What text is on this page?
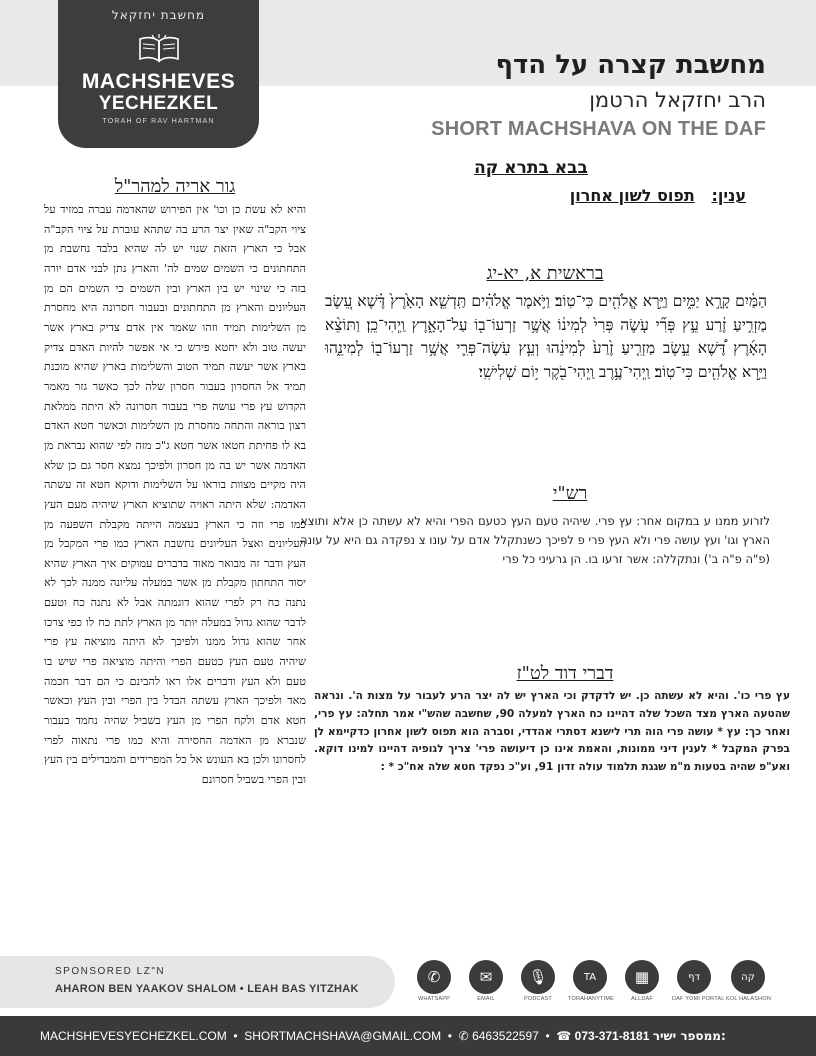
מחשבת יחזקאל
MACHSHEVES
YECHEZKEL
TORAH OF RAV HARTMAN
מחשבת קצרה על הדף
הרב יחזקאל הרטמן
SHORT MACHSHAVA ON THE DAF
בבא בתרא קה
ענין:   תפוס לשון אחרון
בראשית א, יא-יג
הַמַּ֫יִם קָרָ֣א יַמִּ֑ים וַיַּ֥רְא אֱלֹהִ֖ים כִּי־טֽוֹב׃ וַיֹּ֣אמֶר אֱלֹהִ֗ים תַּֽדְשֵׁ֤א הָאָ֙רֶץ֙ דֶּ֗שֶׁא עֵ֚שֶׂב מַזְרִ֣יעַ זֶ֔רַע עֵ֣ץ פְּרִ֞י עֹ֤שֶׂה פְּרִי֙ לְמִינ֔וֹ אֲשֶׁ֥ר זַרְעוֹ־ב֖וֹ עַל־הָאָ֑רֶץ וַֽיְהִי־כֵֽן׃ וַתּוֹצֵ֨א הָאָ֜רֶץ דֶּ֠שֶׁא עֵ֣שֶׂב מַזְרִ֤יעַ זֶ֙רַע֙ לְמִינֵ֔הוּ וְעֵ֧ץ עֹֽשֶׂה־פְּרִ֛י אֲשֶׁ֥ר זַרְעוֹ־ב֖וֹ לְמִינֵ֑הוּ וַיַּ֥רְא אֱלֹהִ֖ים כִּי־טֽוֹב׃ וַֽיְהִי־עֶ֥רֶב וַֽיְהִי־בֹ֖קֶר י֥וֹם שְׁלִישִֽׁי׃
רש"י
לזרוע ממנו ע במקום אחר: עץ פרי. שיהיה טעם העץ כטעם הפרי והיא לא עשתה כן אלא ותוצא הארץ וגו' ועץ עושה פרי ולא העץ פרי פ לפיכך כשנתקלל אדם על עונו צ נפקדה גם היא על עונה (פ"ה פ"ה ב') ונתקללה: אשר זרעו בו. הן גרעיני כל פרי
דברי דוד לט"ז
עץ פרי כו'. והיא לא עשתה כן. יש לדקדק וכי הארץ יש לה יצר הרע לעבור על מצות ה'. ונראה שהטעה הארץ מצד השכל שלה דהיינו כח הארץ למעלה 90, שחשבה שהש"י אמר תחלה: עץ פרי, ואחר כך: עץ * עושה פרי הוה תרי לישנא דסתרי אהדדי, וסברה הוא תפוס לשון אחרון כדקיימא לן בפרק המקבל * לענין דיני ממונות, והאמת אינו כן דיעושה פרי' צריך לגופיה דהיינו למינו דוקא. ואע"פ שהיה בטעות מ"מ שגגת תלמוד עולה זדון 91, וע"כ נפקד חטא שלה אח"כ * :
גור אריה למהר"ל
והיא לא עשת כן וכו' אין הפירוש שהאדמה עברה במזיד על ציוי הקב"ה שאין יצר הרע בה שתהא עוברת על ציוי הקב"ה אבל כי הארץ הזאת שנוי יש לה שהיא בלבד נחשבת מן התחתונים כי השמים שמים לה' והארץ נתן לבני אדם יורה בזה כי שינוי יש בין הארץ ובין השמים כי השמים הם מן העליונים והארץ מן התחתונים ובעבור חסרונה היא מחסרת מן השלימות תמיד וזהו שאמר אין אדם צדיק בארץ אשר יעשה טוב ולא יחטא פירש כי אי אפשר להיות האדם צדיק בארץ אשר יעשה תמיד הטוב והשלימות בארץ שהיא מוכנת תמיד אל החסרון בעבור חסרון שלה לכך כאשר גזר מאמר הקדוש עץ פרי עושה פרי בעבור חסרונה לא היתה ממלאת רצון בוראה והתחה מחסרת מן השלימות וכאשר חטא האדם בא לו פחיתת חטאו אשר חטא ג"כ מזה לפי שהוא נבראת מן האדמה אשר יש בה מן חסרון ולפיכך נמצא חסר גם כן שלא היה מקיים מצוות בוראו על השלימות ודוקא חטא זה עשתה האדמה: שלא היתה ראויה שתוציא הארץ שיהיה מעם העץ כמו פרי וזה כי הארץ בעצמה הייתה מקבלת השפעה מן העליונים ואצל העליונים נחשבת הארץ כמו פרי המקבל מן העץ ודבר זה מבואר מאוד בדברים עמוקים איך הארץ שהיא יסוד התחתון מקבלת מן אשר במעלה עליונה ממנה לכך לא נתנה כח רק לפרי שהוא דוגמתה אבל לא נתנה כח וטעם לדבר שהוא גדול במעלה יותר מן הארץ לתת כח לו כפי צרכו אחר שהוא גדול ממנו ולפיכך לא היתה מוציאה עץ פרי שיהיה טעם העץ כטעם הפרי והיתה מוציאה פרי שיש בו טעם ולא העץ ודברים אלו ראו להבינם כי הם דבר חכמה מאד ולפיכך הארץ עשתה הבדל בין הפרי ובין העץ וכאשר חטא אדם ולקח הפרי מן העץ בשביל שהיה נחמד בעבור שנברא מן האדמה החסירה והיא כמו פרי נתאוה לפרי לחסרונו ולכן בא העונש אל כל המפרידים והמבדילים בין העץ ובין הפרי בשביל חסרונם
SPONSORED LZ"N
AHARON BEN YAAKOV SHALOM • LEAH BAS YITZHAK
✆
WHATSAPP
✉
EMAIL
🎙
PODCAST
TA
TORAHANYTIME
▦
ALLDAF
דף
DAF YOMI PORTAL
קה
KOL HALASHON
MACHSHEVESYECHEZKEL.COM  •  SHORTMACHSHAVA@GMAIL.COM  •  ✆ 6463522597  •  ☎ 073-371-8181 ממספר ישיר:
